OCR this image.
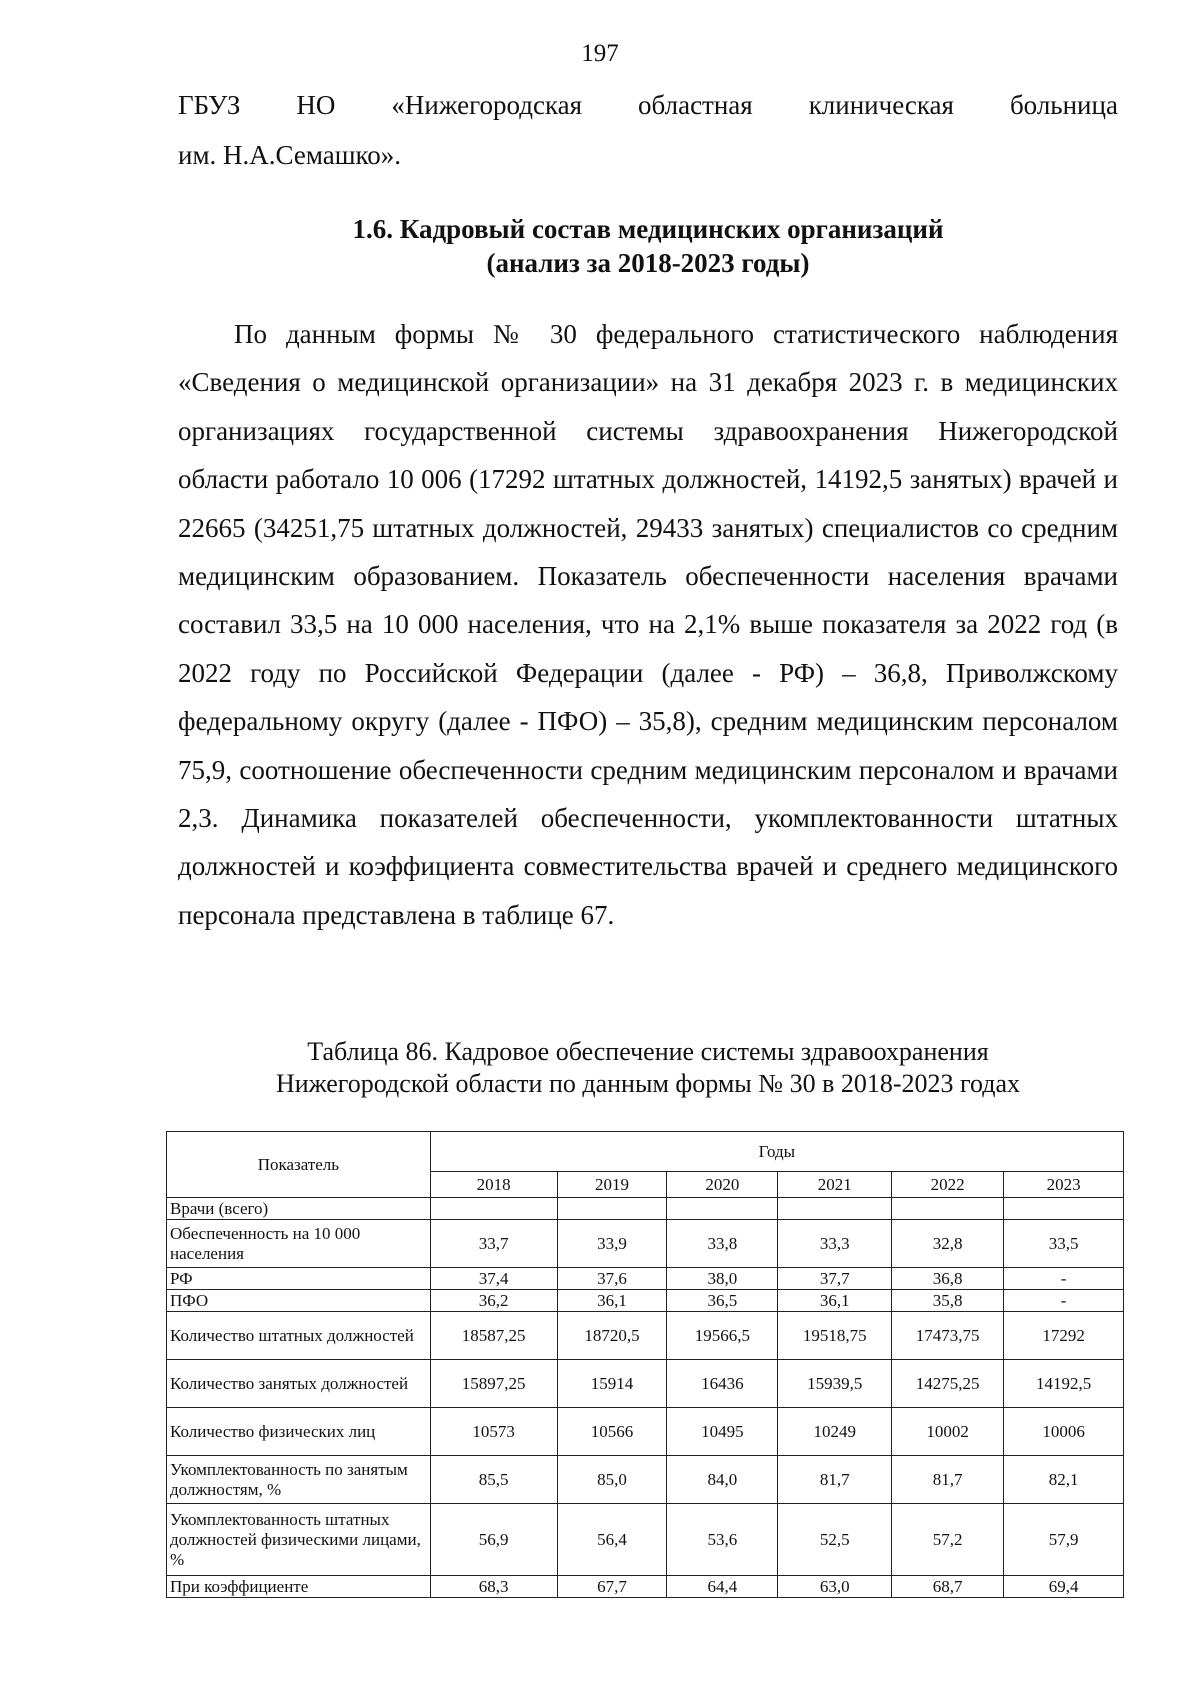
197
ГБУЗ НО «Нижегородская областная клиническая больница
им. Н.А.Семашко».
1.6. Кадровый состав медицинских организаций
(анализ за 2018-2023 годы)
По данным формы № 30 федерального статистического наблюдения «Сведения о медицинской организации» на 31 декабря 2023 г. в медицинских организациях государственной системы здравоохранения Нижегородской области работало 10 006 (17292 штатных должностей, 14192,5 занятых) врачей и 22665 (34251,75 штатных должностей, 29433 занятых) специалистов со средним медицинским образованием. Показатель обеспеченности населения врачами составил 33,5 на 10 000 населения, что на 2,1% выше показателя за 2022 год (в 2022 году по Российской Федерации (далее - РФ) – 36,8, Приволжскому федеральному округу (далее - ПФО) – 35,8), средним медицинским персоналом 75,9, соотношение обеспеченности средним медицинским персоналом и врачами 2,3. Динамика показателей обеспеченности, укомплектованности штатных должностей и коэффициента совместительства врачей и среднего медицинского персонала представлена в таблице 67.
Таблица 86. Кадровое обеспечение системы здравоохранения
Нижегородской области по данным формы № 30 в 2018-2023 годах
Показатель	Годы					
	2018	2019	2020	2021	2022	2023
Врачи (всего)						
Обеспеченность на 10 000 населения	33,7	33,9	33,8	33,3	32,8	33,5
РФ	37,4	37,6	38,0	37,7	36,8	-
ПФО	36,2	36,1	36,5	36,1	35,8	-
Количество штатных должностей	18587,25	18720,5	19566,5	19518,75	17473,75	17292
Количество занятых должностей	15897,25	15914	16436	15939,5	14275,25	14192,5
Количество физических лиц	10573	10566	10495	10249	10002	10006
Укомплектованность по занятым должностям, %	85,5	85,0	84,0	81,7	81,7	82,1
Укомплектованность штатных должностей физическими лицами, %	56,9	56,4	53,6	52,5	57,2	57,9
При коэффициенте	68,3	67,7	64,4	63,0	68,7	69,4
